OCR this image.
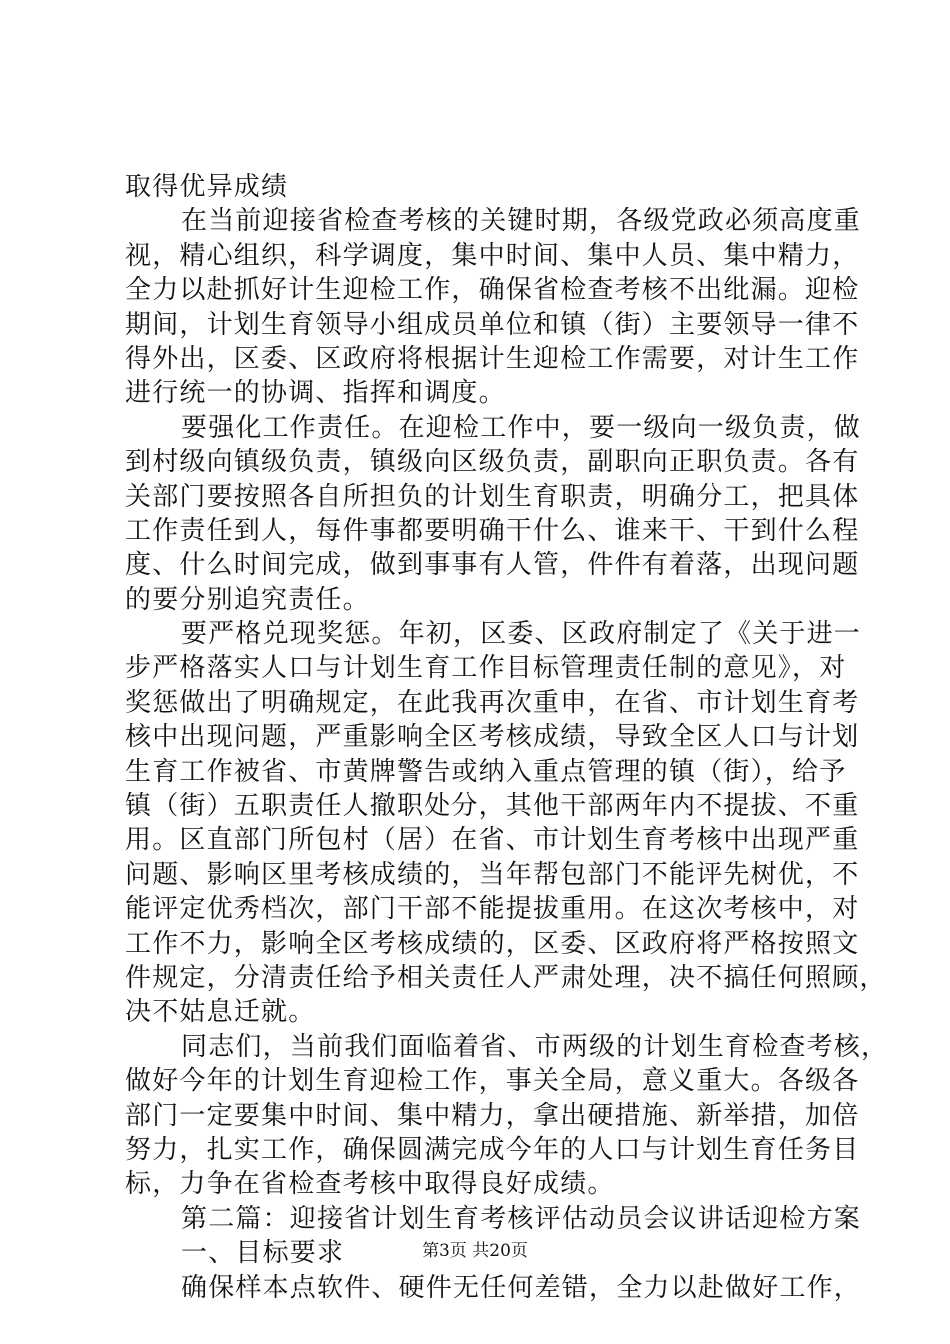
取得优异成绩
在当前迎接省检查考核的关键时期，各级党政必须高度重
视，精心组织，科学调度，集中时间、集中人员、集中精力，
全力以赴抓好计生迎检工作，确保省检查考核不出纰漏。迎检
期间，计划生育领导小组成员单位和镇（街）主要领导一律不
得外出，区委、区政府将根据计生迎检工作需要，对计生工作
进行统一的协调、指挥和调度。
要强化工作责任。在迎检工作中，要一级向一级负责，做
到村级向镇级负责，镇级向区级负责，副职向正职负责。各有
关部门要按照各自所担负的计划生育职责，明确分工，把具体
工作责任到人，每件事都要明确干什么、谁来干、干到什么程
度、什么时间完成，做到事事有人管，件件有着落，出现问题
的要分别追究责任。
要严格兑现奖惩。年初，区委、区政府制定了《关于进一
步严格落实人口与计划生育工作目标管理责任制的意见》，对
奖惩做出了明确规定，在此我再次重申，在省、市计划生育考
核中出现问题，严重影响全区考核成绩，导致全区人口与计划
生育工作被省、市黄牌警告或纳入重点管理的镇（街），给予
镇（街）五职责任人撤职处分，其他干部两年内不提拔、不重
用。区直部门所包村（居）在省、市计划生育考核中出现严重
问题、影响区里考核成绩的，当年帮包部门不能评先树优，不
能评定优秀档次，部门干部不能提拔重用。在这次考核中，对
工作不力，影响全区考核成绩的，区委、区政府将严格按照文
件规定，分清责任给予相关责任人严肃处理，决不搞任何照顾，
决不姑息迁就。
同志们，当前我们面临着省、市两级的计划生育检查考核，
做好今年的计划生育迎检工作，事关全局，意义重大。各级各
部门一定要集中时间、集中精力，拿出硬措施、新举措，加倍
努力，扎实工作，确保圆满完成今年的人口与计划生育任务目
标，力争在省检查考核中取得良好成绩。
第二篇：迎接省计划生育考核评估动员会议讲话迎检方案
一、目标要求
确保样本点软件、硬件无任何差错，全力以赴做好工作，
第3页 共20页
